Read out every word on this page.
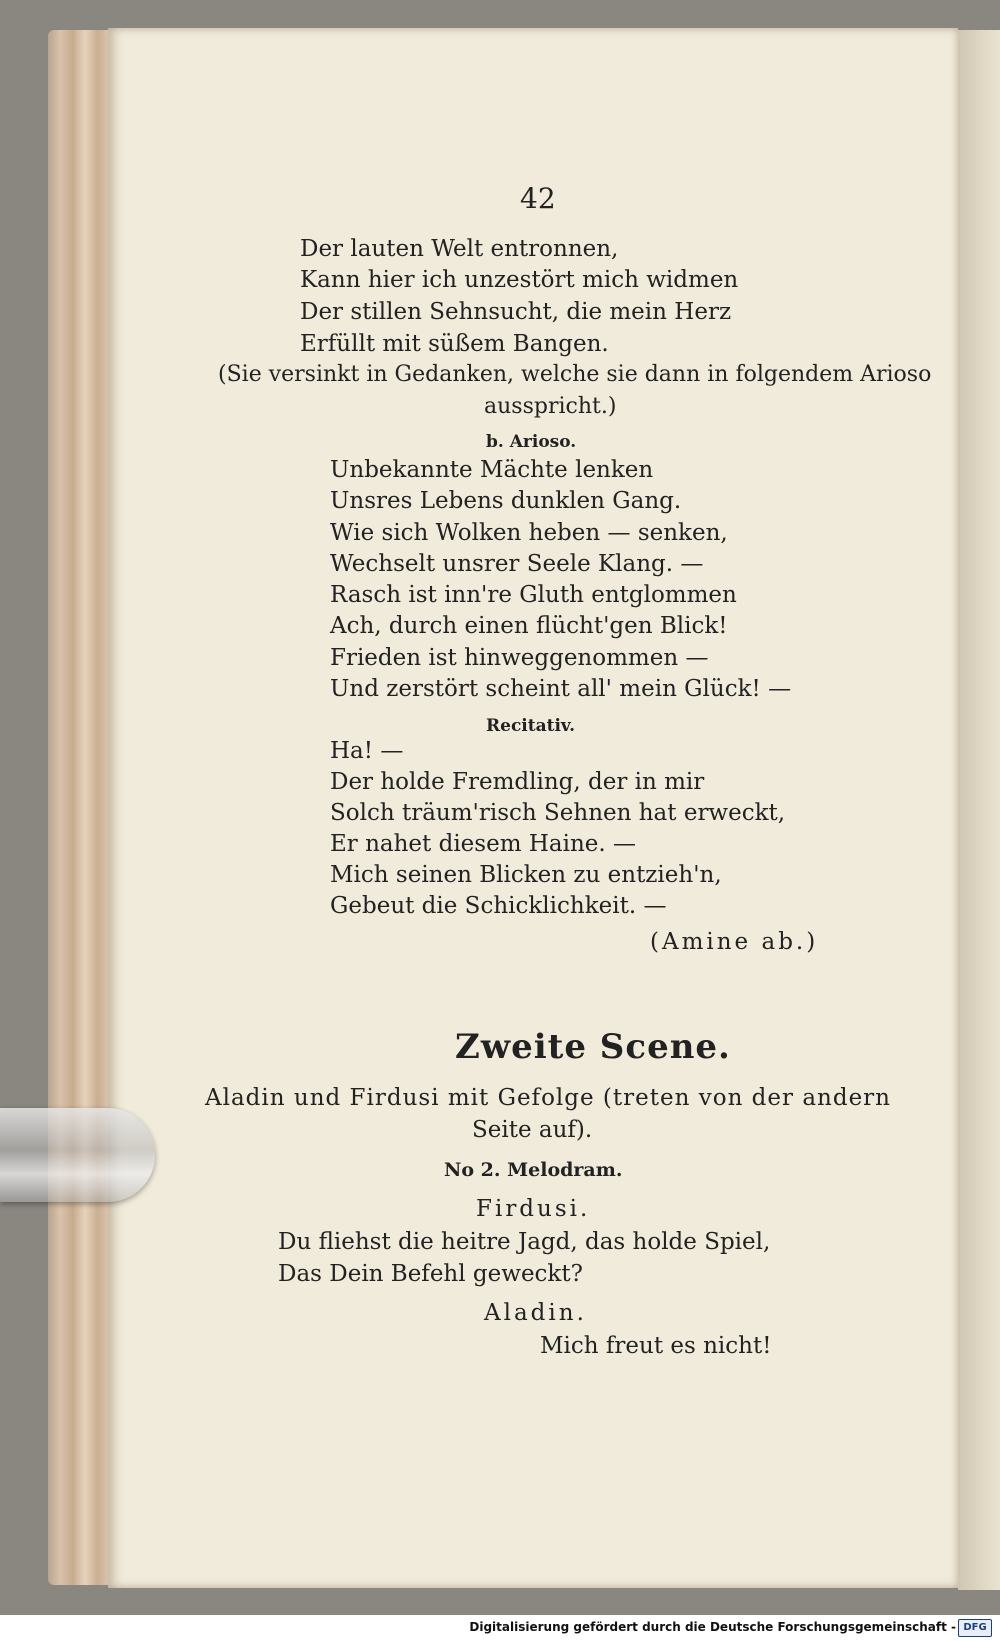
42
Der lauten Welt entronnen,
Kann hier ich unzestört mich widmen
Der stillen Sehnsucht, die mein Herz
Erfüllt mit süßem Bangen.
(Sie versinkt in Gedanken, welche sie dann in folgendem Arioso
ausspricht.)
b. Arioso.
Unbekannte Mächte lenken
Unsres Lebens dunklen Gang.
Wie sich Wolken heben — senken,
Wechselt unsrer Seele Klang. —
Rasch ist inn're Gluth entglommen
Ach, durch einen flücht'gen Blick!
Frieden ist hinweggenommen —
Und zerstört scheint all' mein Glück! —
Recitativ.
Ha! —
Der holde Fremdling, der in mir
Solch träum'risch Sehnen hat erweckt,
Er nahet diesem Haine. —
Mich seinen Blicken zu entzieh'n,
Gebeut die Schicklichkeit. —
(Amine ab.)
Zweite Scene.
Aladin und Firdusi mit Gefolge (treten von der andern
Seite auf).
No 2. Melodram.
Firdusi.
Du fliehst die heitre Jagd, das holde Spiel,
Das Dein Befehl geweckt?
Aladin.
Mich freut es nicht!
Digitalisierung gefördert durch die Deutsche Forschungsgemeinschaft - DFG
